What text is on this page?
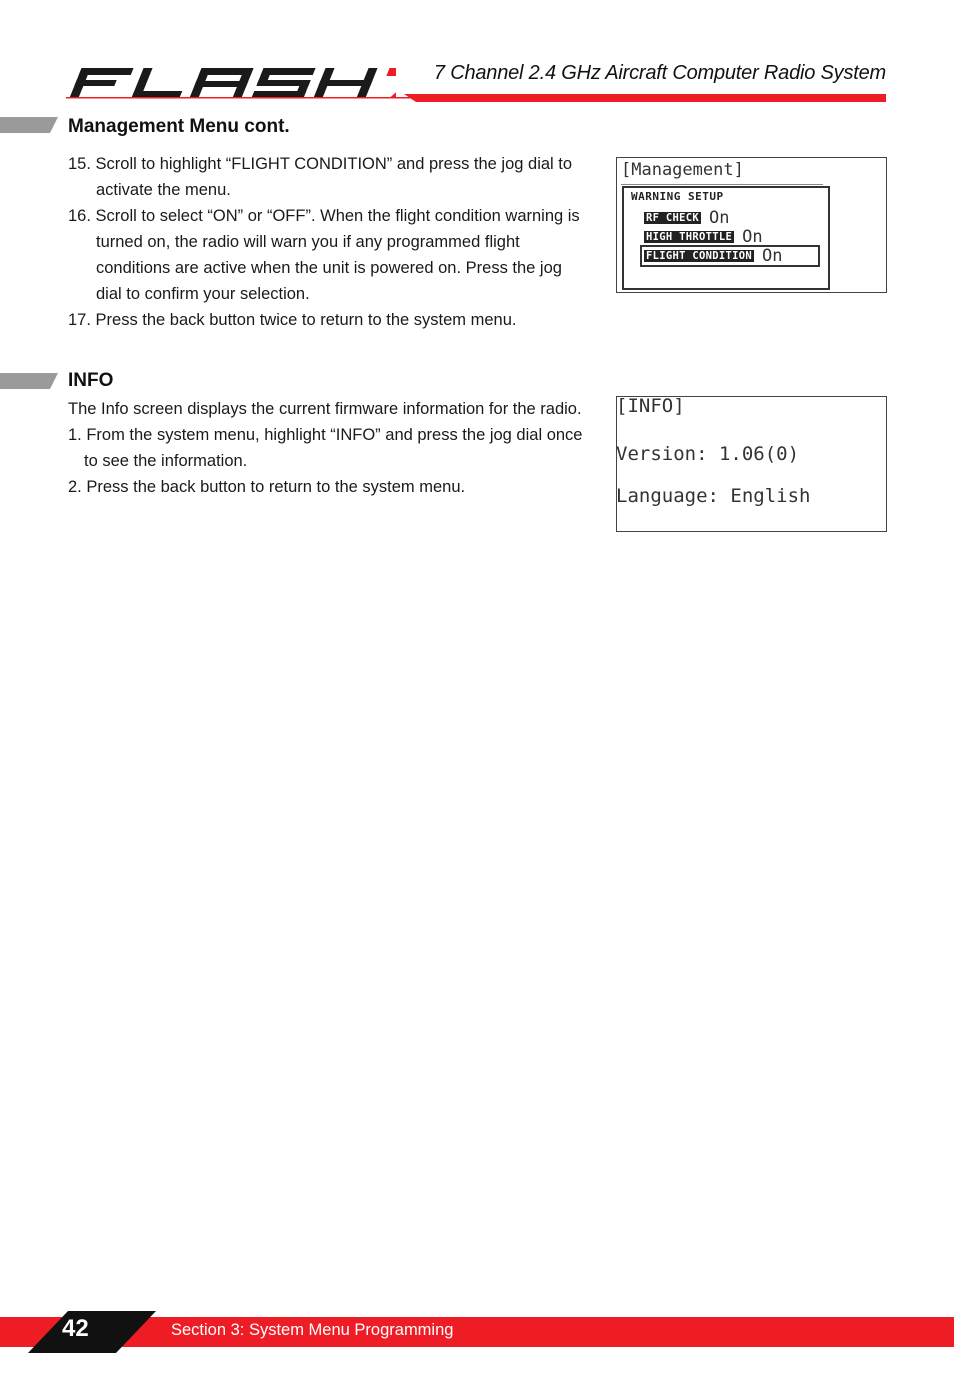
7 Channel 2.4 GHz Aircraft Computer Radio System
Management Menu cont.
15. Scroll to highlight “FLIGHT CONDITION” and press the jog dial to activate the menu.
16. Scroll to select “ON” or “OFF”. When the flight condition warning is turned on, the radio will warn you if any programmed flight conditions are active when the unit is powered on. Press the jog dial to confirm your selection.
17. Press the back button twice to return to the system menu.
[Management]
WARNING SETUP
RF CHECK On
HIGH THROTTLE On
FLIGHT CONDITION On
INFO
The Info screen displays the current firmware information for the radio.
1. From the system menu, highlight “INFO” and press the jog dial once to see the information.
2. Press the back button to return to the system menu.
[INFO]
Version: 1.06(0)
Language: English
42	Section 3: System Menu Programming
